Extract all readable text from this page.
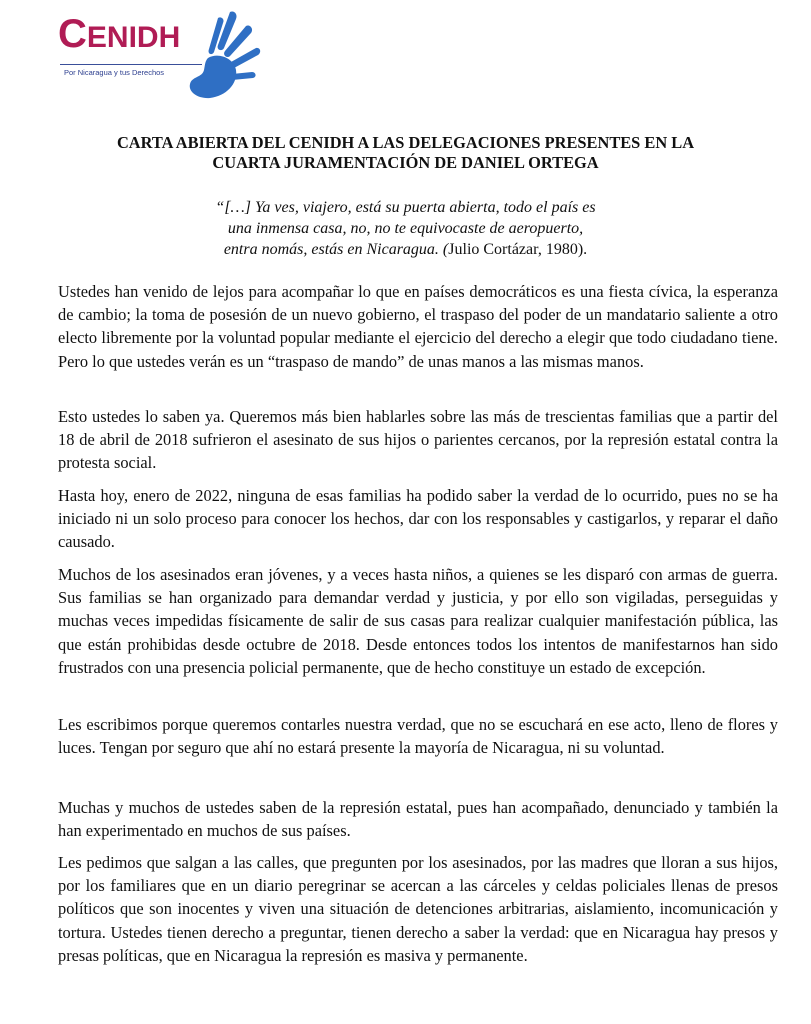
CENIDH
Por Nicaragua y tus Derechos
CARTA ABIERTA DEL CENIDH A LAS DELEGACIONES PRESENTES EN LA
CUARTA JURAMENTACIÓN DE DANIEL ORTEGA
“[…] Ya ves, viajero, está su puerta abierta, todo el país es
una inmensa casa, no, no te equivocaste de aeropuerto,
entra nomás, estás en Nicaragua. (Julio Cortázar, 1980).

Ustedes han venido de lejos para acompañar lo que en países democráticos es una fiesta cívica, la esperanza de cambio; la toma de posesión de un nuevo gobierno, el traspaso del poder de un mandatario saliente a otro electo libremente por la voluntad popular mediante el ejercicio del derecho a elegir que todo ciudadano tiene. Pero lo que ustedes verán es un “traspaso de mando” de unas manos a las mismas manos.

Esto ustedes lo saben ya. Queremos más bien hablarles sobre las más de trescientas familias que a partir del 18 de abril de 2018 sufrieron el asesinato de sus hijos o parientes cercanos, por la represión estatal contra la protesta social.

Hasta hoy, enero de 2022, ninguna de esas familias ha podido saber la verdad de lo ocurrido, pues no se ha iniciado ni un solo proceso para conocer los hechos, dar con los responsables y castigarlos, y reparar el daño causado.

Muchos de los asesinados eran jóvenes, y a veces hasta niños, a quienes se les disparó con armas de guerra. Sus familias se han organizado para demandar verdad y justicia, y por ello son vigiladas, perseguidas y muchas veces impedidas físicamente de salir de sus casas para realizar cualquier manifestación pública, las que están prohibidas desde octubre de 2018. Desde entonces todos los intentos de manifestarnos han sido frustrados con una presencia policial permanente, que de hecho constituye un estado de excepción.

Les escribimos porque queremos contarles nuestra verdad, que no se escuchará en ese acto, lleno de flores y luces. Tengan por seguro que ahí no estará presente la mayoría de Nicaragua, ni su voluntad.

Muchas y muchos de ustedes saben de la represión estatal, pues han acompañado, denunciado y también la han experimentado en muchos de sus países.

Les pedimos que salgan a las calles, que pregunten por los asesinados, por las madres que lloran a sus hijos, por los familiares que en un diario peregrinar se acercan a las cárceles y celdas policiales llenas de presos políticos que son inocentes y viven una situación de detenciones arbitrarias, aislamiento, incomunicación y tortura. Ustedes tienen derecho a preguntar, tienen derecho a saber la verdad: que en Nicaragua hay presos y presas políticas, que en Nicaragua la represión es masiva y permanente.
